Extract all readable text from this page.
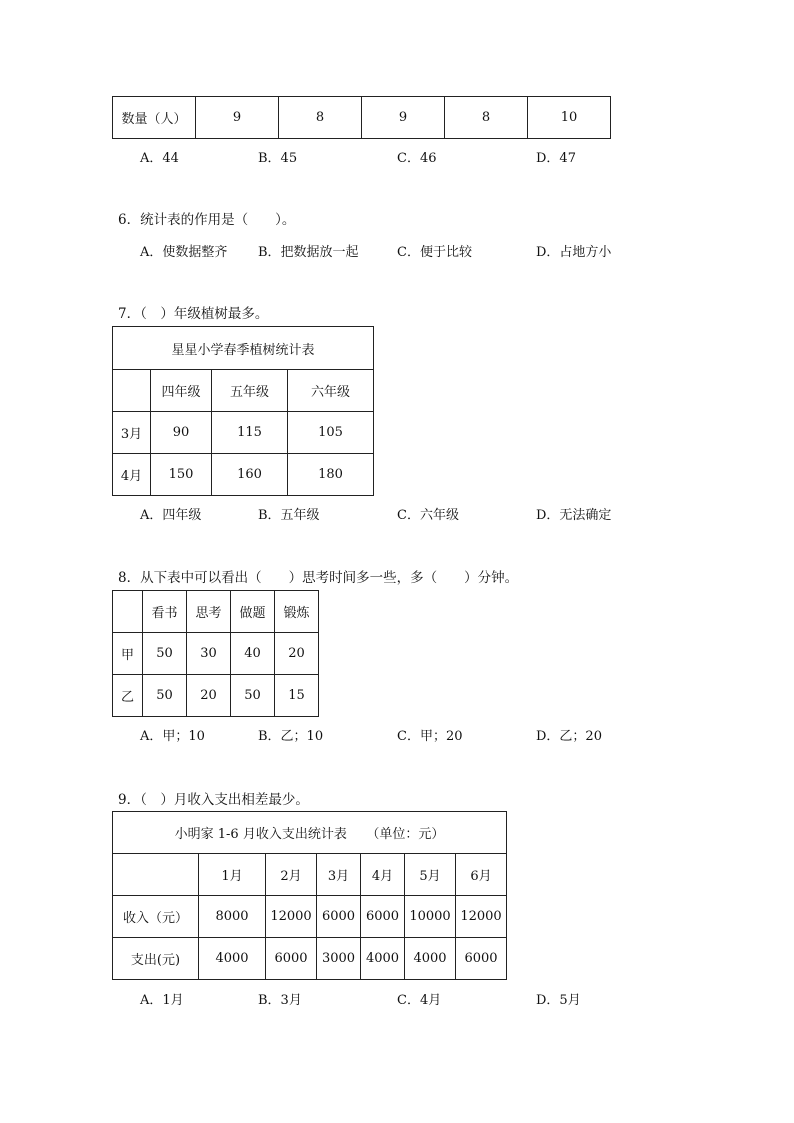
数量（人）	9	8	9	8	10
A．44	B．45	C．46	D．47
6．统计表的作用是（　　）。
A．使数据整齐 B．把数据放一起	C．便于比较	D．占地方小
7．（　）年级植树最多。
星星小学春季植树统计表			
	四年级	五年级	六年级
3月	90	115	105
4月	150	160	180
A．四年级	B．五年级	C．六年级	D．无法确定
8．从下表中可以看出（　　）思考时间多一些，多（　　）分钟。
	看书	思考	做题	锻炼
甲	50	30	40	20
乙	50	20	50	15
A．甲；10	B．乙；10	C．甲；20	D．乙；20
9．（　）月收入支出相差最少。
小明家 1-6 月收入支出统计表　　（单位：元）						
	1月	2月	3月	4月	5月	6月
收入（元）	8000	12000	6000	6000	10000	12000
支出(元)	4000	6000	3000	4000	4000	6000
A．1月	B．3月	C．4月	D．5月
